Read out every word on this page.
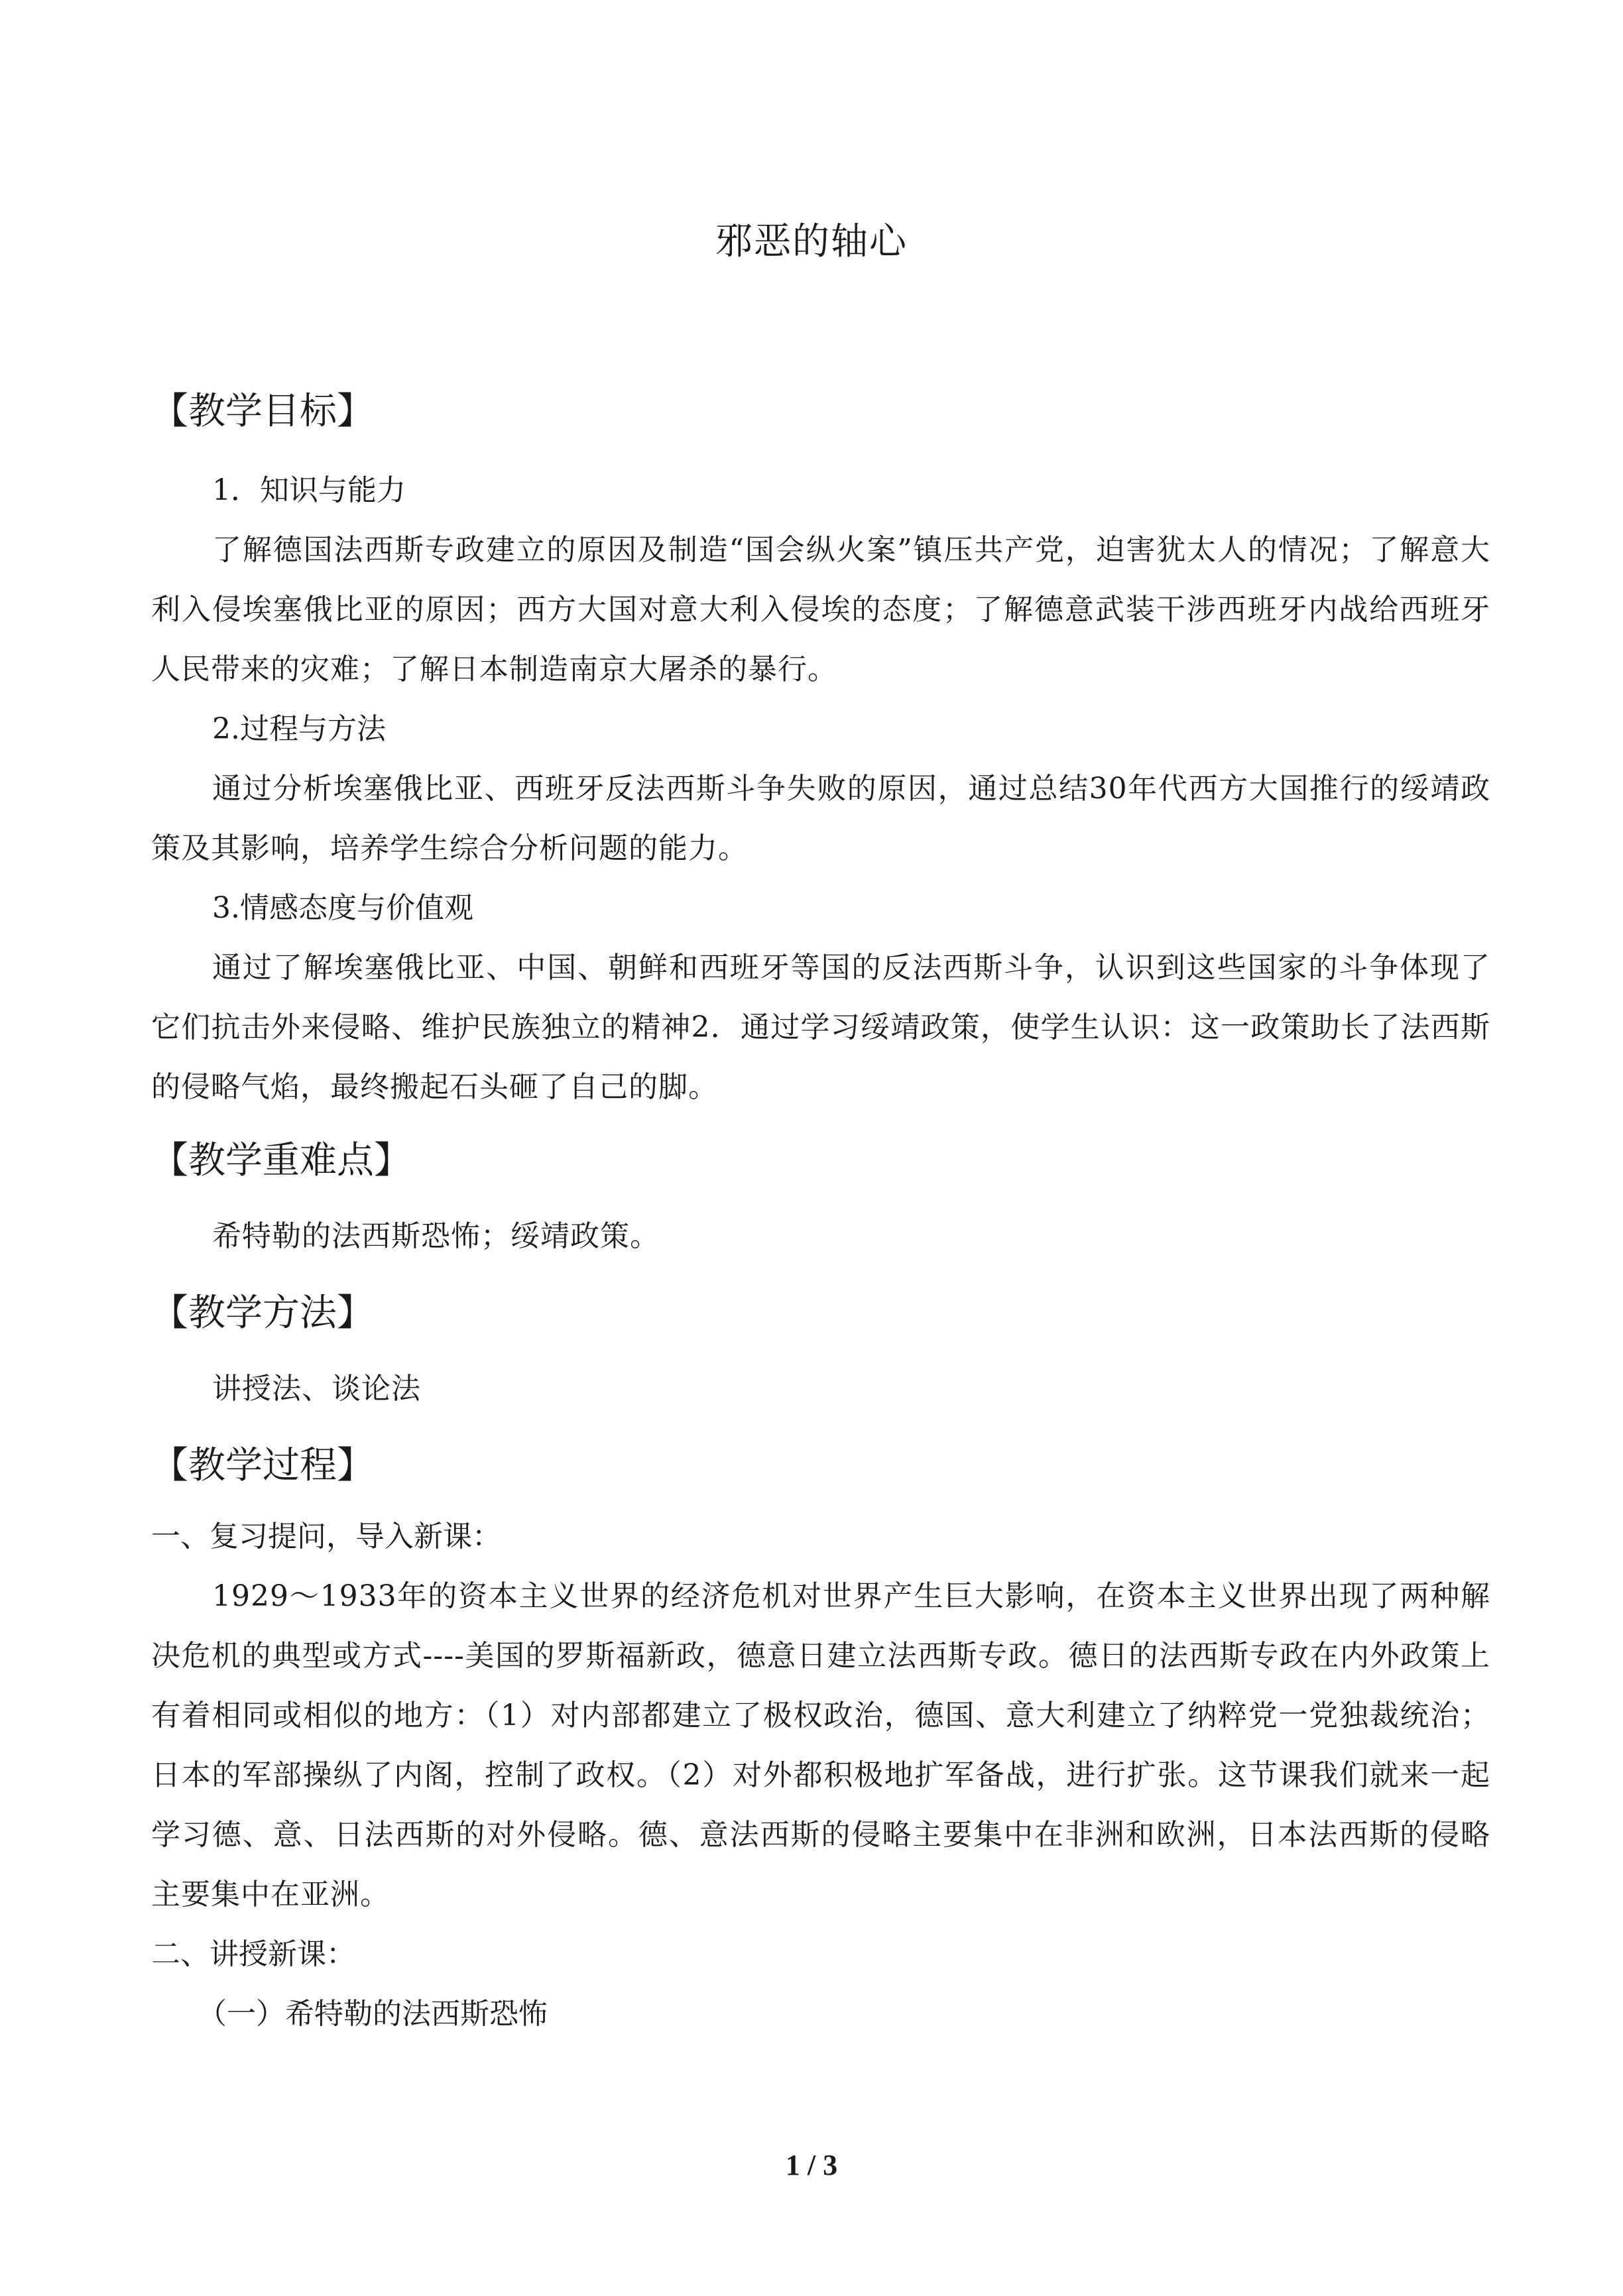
邪恶的轴心
【教学目标】

1．知识与能力

了解德国法西斯专政建立的原因及制造“国会纵火案”镇压共产党，迫害犹太人的情况；了解意大利入侵埃塞俄比亚的原因；西方大国对意大利入侵埃的态度；了解德意武装干涉西班牙内战给西班牙人民带来的灾难；了解日本制造南京大屠杀的暴行。

2.过程与方法

通过分析埃塞俄比亚、西班牙反法西斯斗争失败的原因，通过总结30年代西方大国推行的绥靖政策及其影响，培养学生综合分析问题的能力。

3.情感态度与价值观

通过了解埃塞俄比亚、中国、朝鲜和西班牙等国的反法西斯斗争，认识到这些国家的斗争体现了它们抗击外来侵略、维护民族独立的精神2．通过学习绥靖政策，使学生认识：这一政策助长了法西斯的侵略气焰，最终搬起石头砸了自己的脚。

【教学重难点】

希特勒的法西斯恐怖；绥靖政策。

【教学方法】

讲授法、谈论法

【教学过程】

一、复习提问，导入新课：

1929～1933年的资本主义世界的经济危机对世界产生巨大影响，在资本主义世界出现了两种解决危机的典型或方式----美国的罗斯福新政，德意日建立法西斯专政。德日的法西斯专政在内外政策上有着相同或相似的地方：（1）对内部都建立了极权政治，德国、意大利建立了纳粹党一党独裁统治；日本的军部操纵了内阁，控制了政权。（2）对外都积极地扩军备战，进行扩张。这节课我们就来一起学习德、意、日法西斯的对外侵略。德、意法西斯的侵略主要集中在非洲和欧洲，日本法西斯的侵略主要集中在亚洲。

二、讲授新课：

（一）希特勒的法西斯恐怖

1 / 3
